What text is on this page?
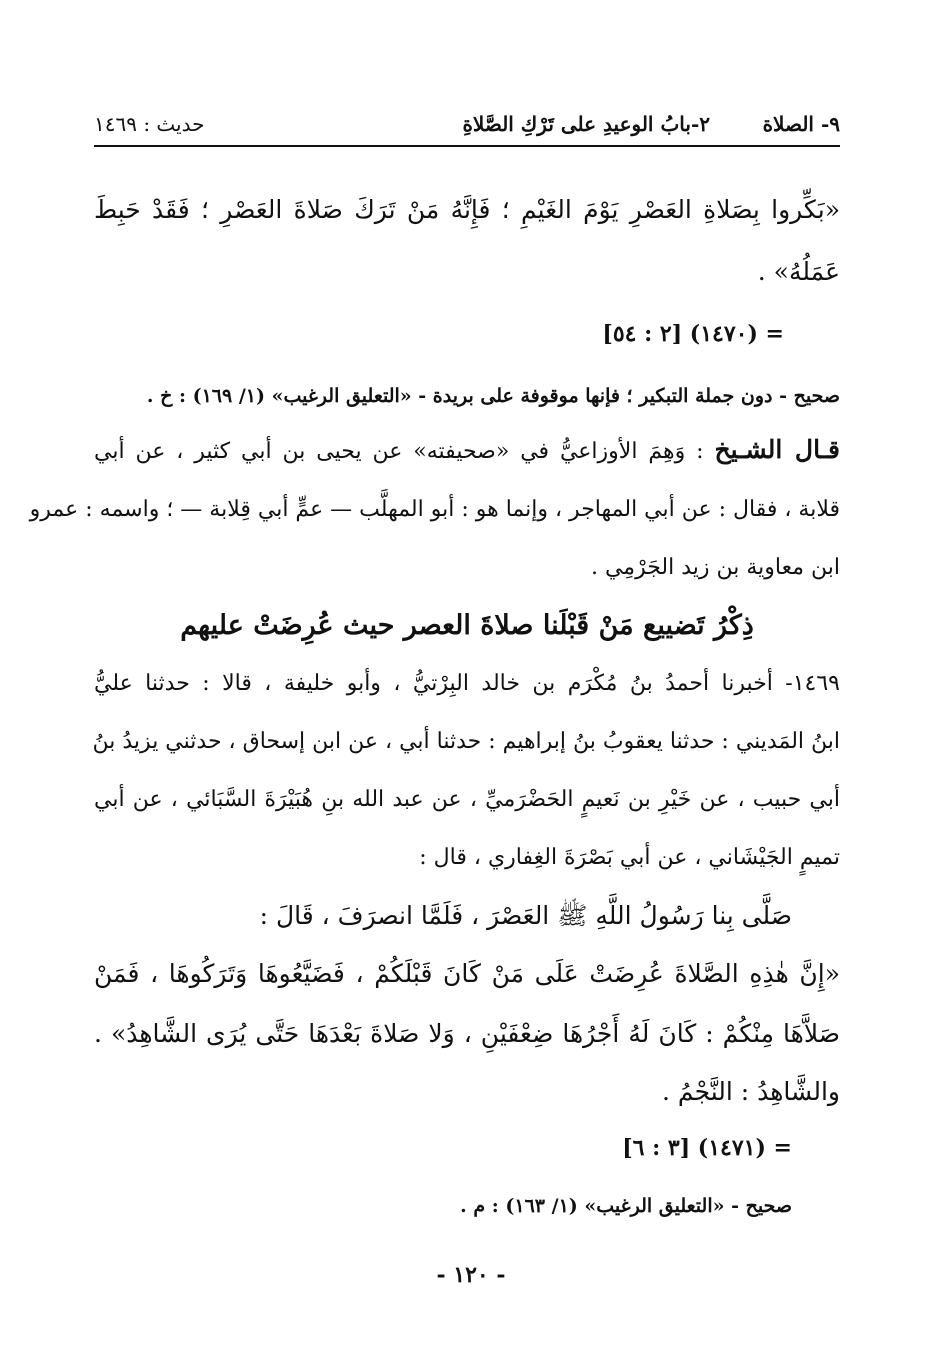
٩- الصلاة
٢-بابُ الوعيدِ على تَرْكِ الصَّلاةِ
حديث : ١٤٦٩
«بَكِّروا بِصَلاةِ العَصْرِ يَوْمَ الغَيْمِ ؛ فَإِنَّهُ مَنْ تَرَكَ صَلاةَ العَصْرِ ؛ فَقَدْ حَبِطَ
عَمَلُهُ» .
= (١٤٧٠) [٢ : ٥٤]
صحيح - دون جملة التبكير ؛ فإنها موقوفة على بريدة - «التعليق الرغيب» (١/ ١٦٩) : خ .
قـال الشـيخ : وَهِمَ الأوزاعيُّ في «صحيفته» عن يحيى بن أبي كثير ، عن أبي
قلابة ، فقال : عن أبي المهاجر ، وإنما هو : أبو المهلَّب — عمٍّ أبي قِلابة — ؛ واسمه : عمرو
ابن معاوية بن زيد الجَرْمِي .
ذِكْرُ تَضييع مَنْ قَبْلَنا صلاةَ العصر حيث عُرِضَتْ عليهم
١٤٦٩- أخبرنا أحمدُ بنُ مُكْرَم بن خالد البِرْتيُّ ، وأبو خليفة ، قالا : حدثنا عليُّ
ابنُ المَديني : حدثنا يعقوبُ بنُ إبراهيم : حدثنا أبي ، عن ابن إسحاق ، حدثني يزيدُ بنُ
أبي حبيب ، عن خَيْرِ بن نَعيمٍ الحَضْرَميِّ ، عن عبد الله بنِ هُبَيْرَةَ السَّبَائي ، عن أبي
تميمٍ الجَيْشَاني ، عن أبي بَصْرَةَ الغِفاري ، قال :
صَلَّى بِنا رَسُولُ اللَّهِ ﷺ العَصْرَ ، فَلَمَّا انصرَفَ ، قَالَ :
«إِنَّ هٰذِهِ الصَّلاةَ عُرِضَتْ عَلَى مَنْ كَانَ قَبْلَكُمْ ، فَضَيَّعُوهَا وَتَرَكُوهَا ، فَمَنْ
صَلاَّهَا مِنْكُمْ : كَانَ لَهُ أَجْرُهَا ضِعْفَيْنِ ، وَلا صَلاةَ بَعْدَهَا حَتَّى يُرَى الشَّاهِدُ» .
والشَّاهِدُ : النَّجْمُ .
= (١٤٧١) [٣ : ٦]
صحيح - «التعليق الرغيب» (١/ ١٦٣) : م .
- ١٢٠ -
